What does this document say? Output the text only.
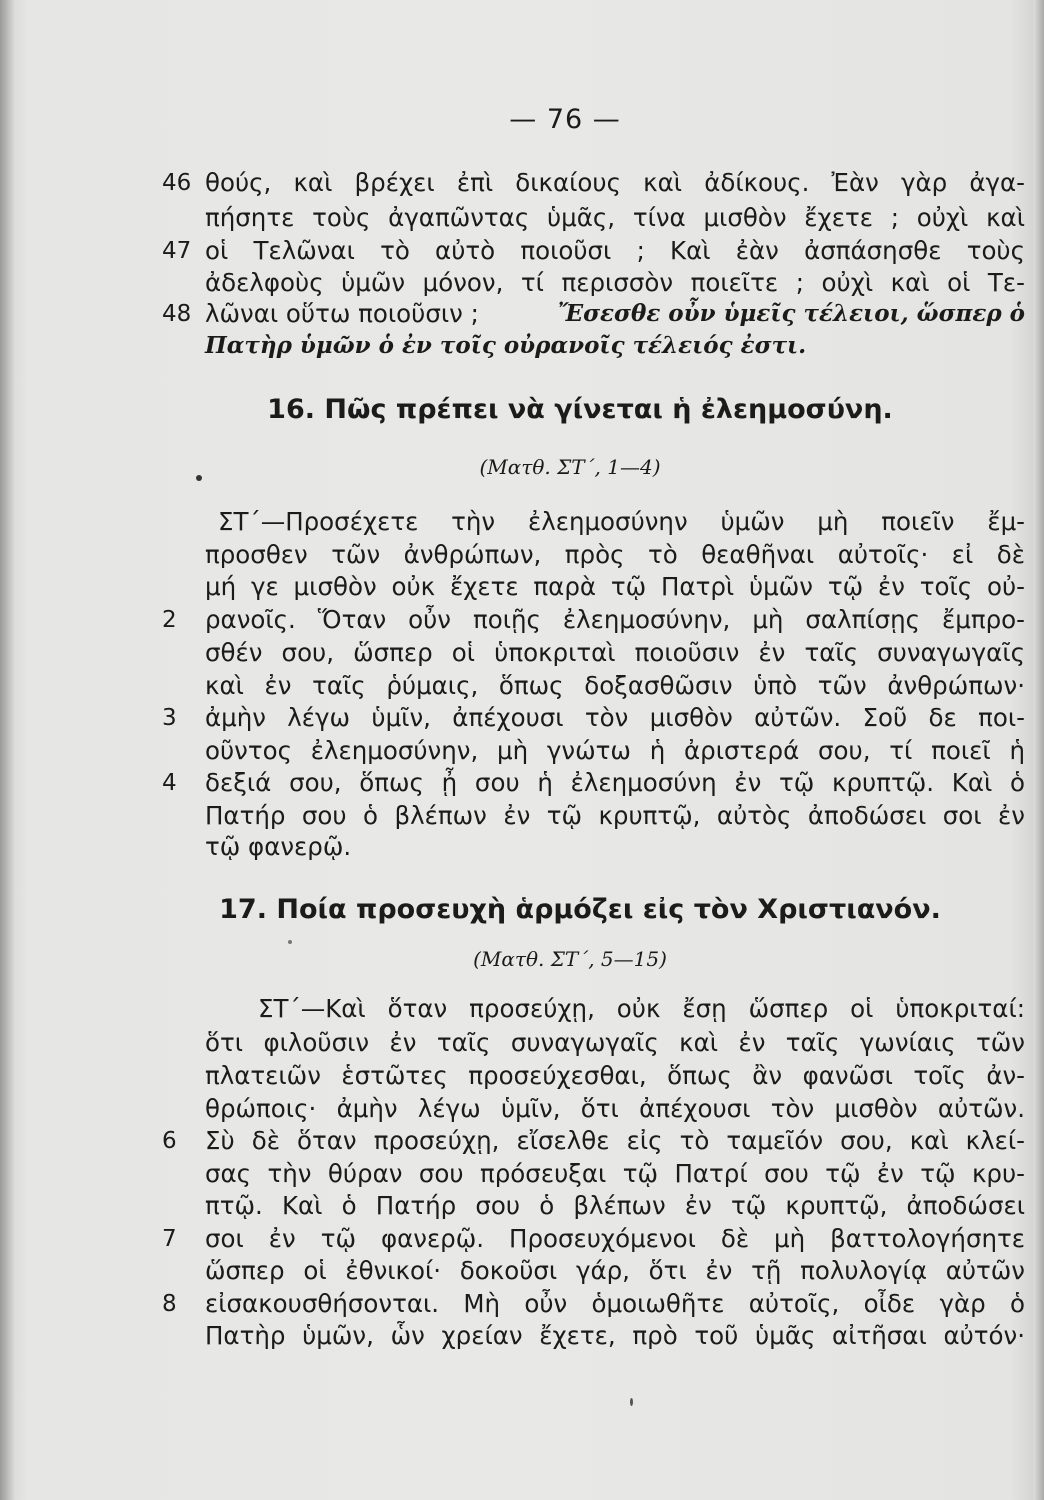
— 76 —
46 θούς, καὶ βρέχει ἐπὶ δικαίους καὶ ἀδίκους. Ἐὰν γὰρ ἀγα-
πήσητε τοὺς ἀγαπῶντας ὑμᾶς, τίνα μισθὸν ἔχετε ; οὐχὶ καὶ
47 οἱ Τελῶναι τὸ αὐτὸ ποιοῦσι ; Καὶ ἐὰν ἀσπάσησθε τοὺς
ἀδελφοὺς ὑμῶν μόνον, τί περισσὸν ποιεῖτε ; οὐχὶ καὶ οἱ Τε-
48 λῶναι οὕτω ποιοῦσιν ;	Ἔσεσθε οὖν ὑμεῖς τέλειοι, ὥσπερ ὁ
Πατὴρ ὑμῶν ὁ ἐν τοῖς οὐρανοῖς τέλειός ἐστι.
16. Πῶς πρέπει νὰ γίνεται ἡ ἐλεημοσύνη.
(Ματθ. ΣΤ΄, 1—4)
ΣΤ΄—Προσέχετε τὴν ἐλεημοσύνην ὑμῶν μὴ ποιεῖν ἔμ-
προσθεν τῶν ἀνθρώπων, πρὸς τὸ θεαθῆναι αὐτοῖς· εἰ δὲ
μή γε μισθὸν οὐκ ἔχετε παρὰ τῷ Πατρὶ ὑμῶν τῷ ἐν τοῖς οὐ-
2	ρανοῖς. Ὅταν οὖν ποιῇς ἐλεημοσύνην, μὴ σαλπίσῃς ἔμπρο-
σθέν σου, ὥσπερ οἱ ὑποκριταὶ ποιοῦσιν ἐν ταῖς συναγωγαῖς
καὶ ἐν ταῖς ῥύμαις, ὅπως δοξασθῶσιν ὑπὸ τῶν ἀνθρώπων·
3	ἀμὴν λέγω ὑμῖν, ἀπέχουσι τὸν μισθὸν αὐτῶν. Σοῦ δε ποι-
οῦντος ἐλεημοσύνην, μὴ γνώτω ἡ ἀριστερά σου, τί ποιεῖ ἡ
4	δεξιά σου, ὅπως ᾖ σου ἡ ἐλεημοσύνη ἐν τῷ κρυπτῷ. Καὶ ὁ
Πατήρ σου ὁ βλέπων ἐν τῷ κρυπτῷ, αὐτὸς ἀποδώσει σοι ἐν
τῷ φανερῷ.
17. Ποία προσευχὴ ἁρμόζει εἰς τὸν Χριστιανόν.
(Ματθ. ΣΤ΄, 5—15)
ΣΤ΄—Καὶ ὅταν προσεύχῃ, οὐκ ἔσῃ ὥσπερ οἱ ὑποκριταί:
ὅτι φιλοῦσιν ἐν ταῖς συναγωγαῖς καὶ ἐν ταῖς γωνίαις τῶν
πλατειῶν ἑστῶτες προσεύχεσθαι, ὅπως ἂν φανῶσι τοῖς ἀν-
θρώποις· ἀμὴν λέγω ὑμῖν, ὅτι ἀπέχουσι τὸν μισθὸν αὐτῶν.
6	Σὺ δὲ ὅταν προσεύχῃ, εἴσελθε εἰς τὸ ταμεῖόν σου, καὶ κλεί-
σας τὴν θύραν σου πρόσευξαι τῷ Πατρί σου τῷ ἐν τῷ κρυ-
πτῷ. Καὶ ὁ Πατήρ σου ὁ βλέπων ἐν τῷ κρυπτῷ, ἀποδώσει
7	σοι ἐν τῷ φανερῷ. Προσευχόμενοι δὲ μὴ βαττολογήσητε
ὥσπερ οἱ ἐθνικοί· δοκοῦσι γάρ, ὅτι ἐν τῇ πολυλογίᾳ αὐτῶν
8	εἰσακουσθήσονται. Μὴ οὖν ὁμοιωθῆτε αὐτοῖς, οἶδε γὰρ ὁ
Πατὴρ ὑμῶν, ὧν χρείαν ἔχετε, πρὸ τοῦ ὑμᾶς αἰτῆσαι αὐτόν·
